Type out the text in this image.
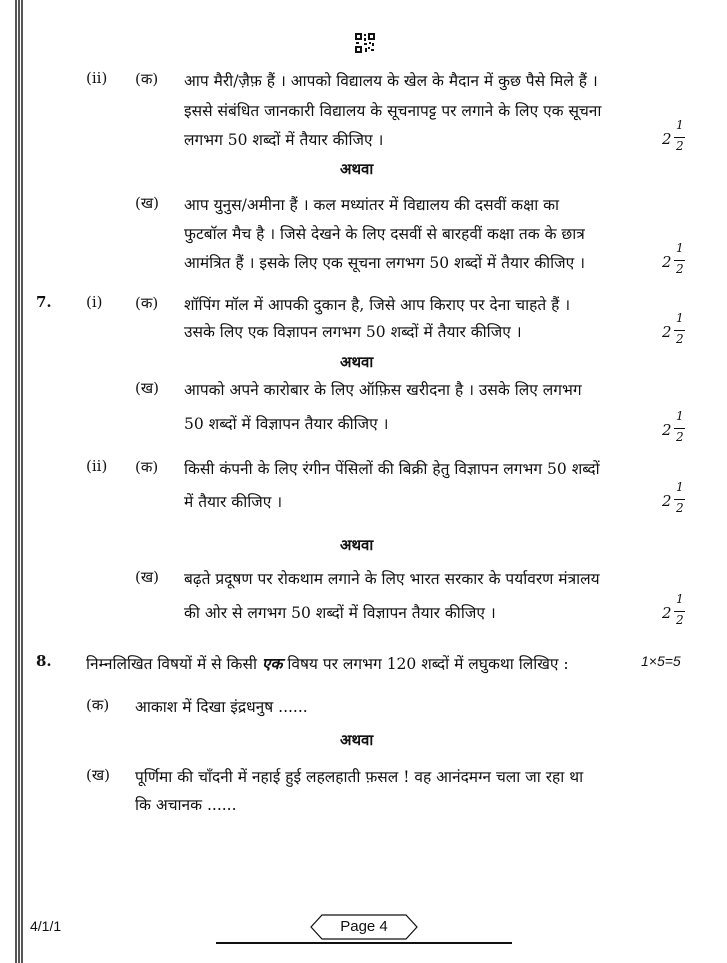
(ii) (क) आप मैरी/ज़ैफ़ हैं । आपको विद्यालय के खेल के मैदान में कुछ पैसे मिले हैं ।
इससे संबंधित जानकारी विद्यालय के सूचनापट्ट पर लगाने के लिए एक सूचना
लगभग 50 शब्दों में तैयार कीजिए ।	2
1
2
अथवा
(ख) आप युनुस/अमीना हैं । कल मध्यांतर में विद्यालय की दसवीं कक्षा का
फुटबॉल मैच है । जिसे देखने के लिए दसवीं से बारहवीं कक्षा तक के छात्र
आमंत्रित हैं । इसके लिए एक सूचना लगभग 50 शब्दों में तैयार कीजिए ।	2
1
2
7. (i) (क) शॉपिंग मॉल में आपकी दुकान है, जिसे आप किराए पर देना चाहते हैं ।
उसके लिए एक विज्ञापन लगभग 50 शब्दों में तैयार कीजिए ।	2
1
2
अथवा
(ख) आपको अपने कारोबार के लिए ऑफ़िस खरीदना है । उसके लिए लगभग
50 शब्दों में विज्ञापन तैयार कीजिए ।	2
1
2
(ii) (क) किसी कंपनी के लिए रंगीन पेंसिलों की बिक्री हेतु विज्ञापन लगभग 50 शब्दों
में तैयार कीजिए ।	2
1
2
अथवा
(ख) बढ़ते प्रदूषण पर रोकथाम लगाने के लिए भारत सरकार के पर्यावरण मंत्रालय
की ओर से लगभग 50 शब्दों में विज्ञापन तैयार कीजिए ।	2
1
2
8. निम्नलिखित विषयों में से किसी एक विषय पर लगभग 120 शब्दों में लघुकथा लिखिए :	1×5=5
(क) आकाश में दिखा इंद्रधनुष ......
अथवा
(ख) पूर्णिमा की चाँदनी में नहाई हुई लहलहाती फ़सल ! वह आनंदमग्न चला जा रहा था
कि अचानक ......
4/1/1	Page 4
